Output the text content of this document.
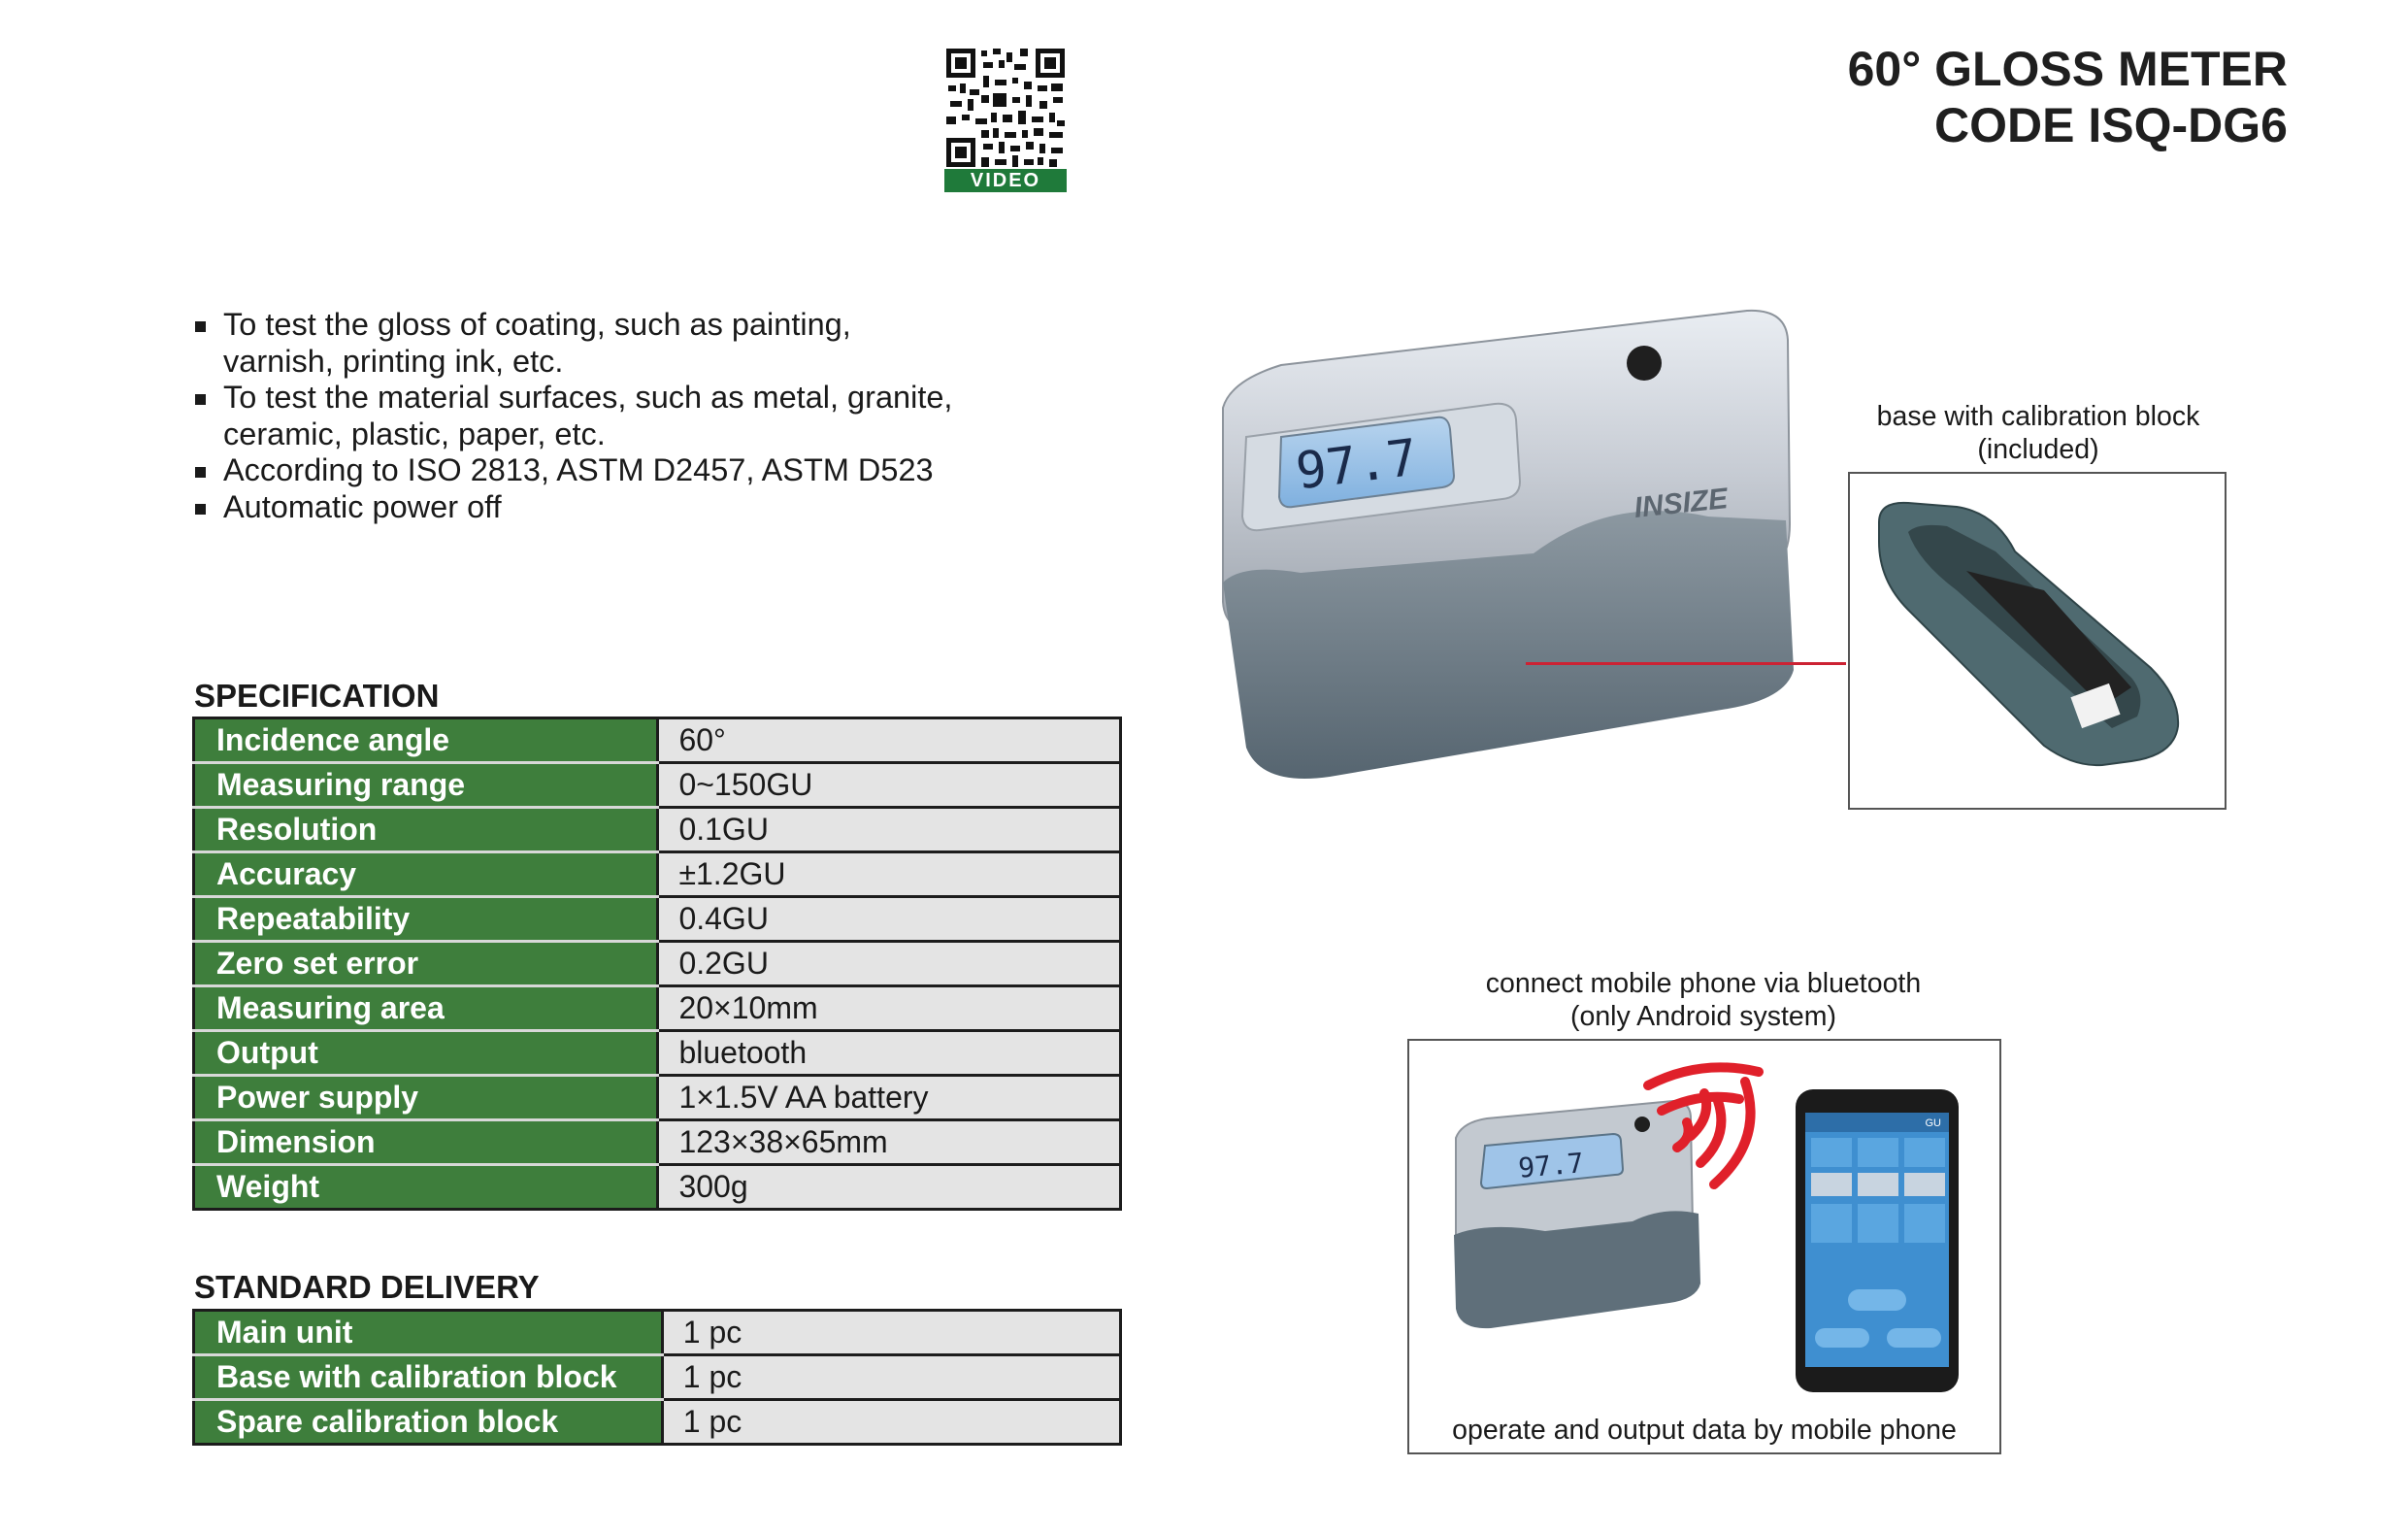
60° GLOSS METER
CODE ISQ-DG6
VIDEO
To test the gloss of coating, such as painting, varnish, printing ink, etc.
To test the material surfaces, such as metal, granite, ceramic, plastic, paper, etc.
According to ISO 2813, ASTM D2457, ASTM D523
Automatic power off
SPECIFICATION
Incidence angle	60°
Measuring range	0~150GU
Resolution	0.1GU
Accuracy	±1.2GU
Repeatability	0.4GU
Zero set error	0.2GU
Measuring area	20×10mm
Output	bluetooth
Power supply	1×1.5V AA battery
Dimension	123×38×65mm
Weight	300g
STANDARD DELIVERY
Main unit	1 pc
Base with calibration block	1 pc
Spare calibration block	1 pc
97.7
INSIZE
base with calibration block
(included)
connect mobile phone via bluetooth
(only Android system)
97.7
GU
operate and output data by mobile phone
